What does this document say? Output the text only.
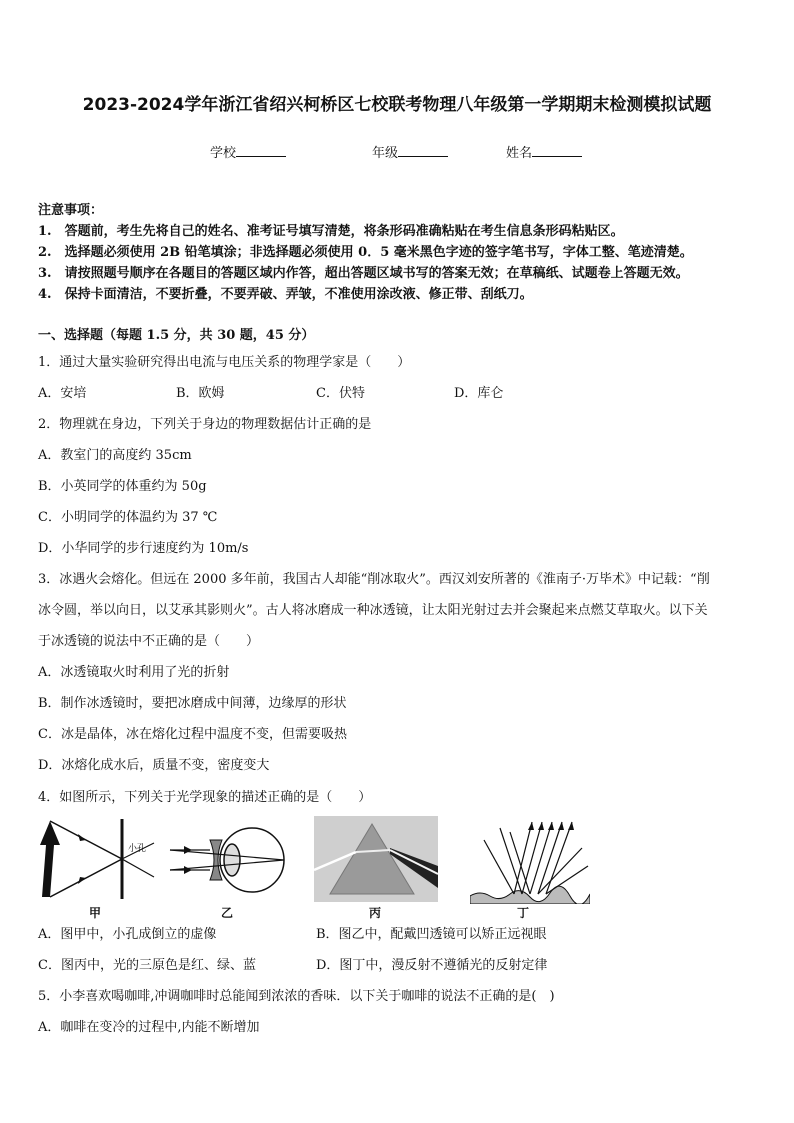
2023-2024学年浙江省绍兴柯桥区七校联考物理八年级第一学期期末检测模拟试题
学校	年级	姓名
注意事项：
1.　答题前，考生先将自己的姓名、准考证号填写清楚，将条形码准确粘贴在考生信息条形码粘贴区。
2.　选择题必须使用 2B 铅笔填涂；非选择题必须使用 0．5 毫米黑色字迹的签字笔书写，字体工整、笔迹清楚。
3.　请按照题号顺序在各题目的答题区域内作答，超出答题区域书写的答案无效；在草稿纸、试题卷上答题无效。
4.　保持卡面清洁，不要折叠，不要弄破、弄皱，不准使用涂改液、修正带、刮纸刀。
一、选择题（每题 1.5 分，共 30 题，45 分）
1．通过大量实验研究得出电流与电压关系的物理学家是（　　）
A．安培	B．欧姆	C．伏特	D．库仑
2．物理就在身边，下列关于身边的物理数据估计正确的是
A．教室门的高度约 35cm
B．小英同学的体重约为 50g
C．小明同学的体温约为 37 ℃
D．小华同学的步行速度约为 10m/s
3．冰遇火会熔化。但远在 2000 多年前，我国古人却能“削冰取火”。西汉刘安所著的《淮南子·万毕术》中记载：“削
冰令圆，举以向日，以艾承其影则火”。古人将冰磨成一种冰透镜，让太阳光射过去并会聚起来点燃艾草取火。以下关
于冰透镜的说法中不正确的是（　　）
A．冰透镜取火时利用了光的折射
B．制作冰透镜时，要把冰磨成中间薄，边缘厚的形状
C．冰是晶体，冰在熔化过程中温度不变，但需要吸热
D．冰熔化成水后，质量不变，密度变大
4．如图所示，下列关于光学现象的描述正确的是（　　）
小孔
甲	乙	丙	丁
A．图甲中，小孔成倒立的虚像	B．图乙中，配戴凹透镜可以矫正远视眼
C．图丙中，光的三原色是红、绿、蓝	D．图丁中，漫反射不遵循光的反射定律
5．小李喜欢喝咖啡,冲调咖啡时总能闻到浓浓的香味．以下关于咖啡的说法不正确的是(　)
A．咖啡在变冷的过程中,内能不断增加
